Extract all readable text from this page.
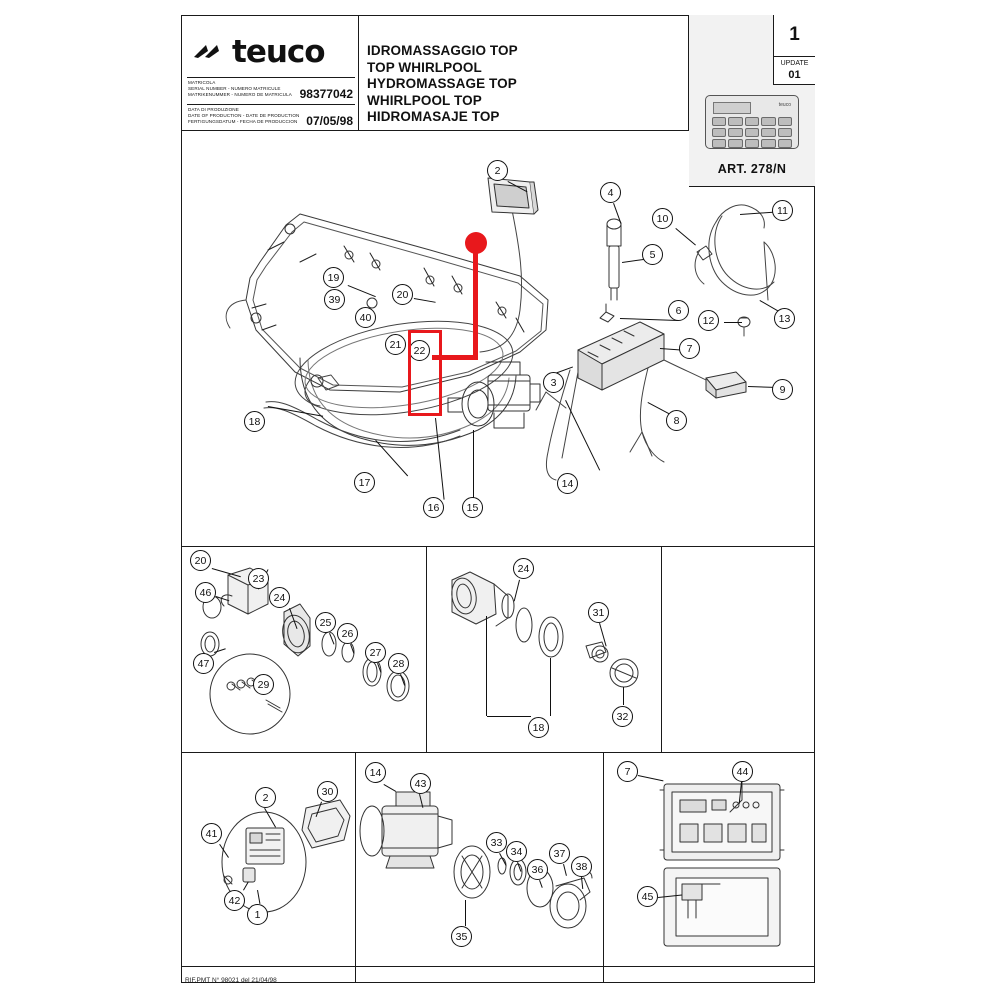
teuco
MATRICOLA
SERIAL NUMBER - NUMERO MATRICULE
MATRIKENUMMER - NUMERO DE MATRICULA 98377042
DATA DI PRODUZIONE
DATE OF PRODUCTION - DATE DE PRODUCTION
FERTIGUNGSDATUM - FECHA DE PRODUCCION 07/05/98
IDROMASSAGGIO TOP
TOP WHIRLPOOL
HYDROMASSAGE TOP
WHIRLPOOL TOP
HIDROMASAJE TOP
1
UPDATE
01
teuco
ART. 278/N
2
4
5
6
7
8
9
10
11
12	13
14
15
16
17
18
19
39
40
20
21	22
3
20
46
23
24
47
25
26
27
28
29
24
31
18
32
2	30
41
42
1
14
43
33
34
36
37
38
35
7	44
45
RIF.PMT N° 98021 del 21/04/98
